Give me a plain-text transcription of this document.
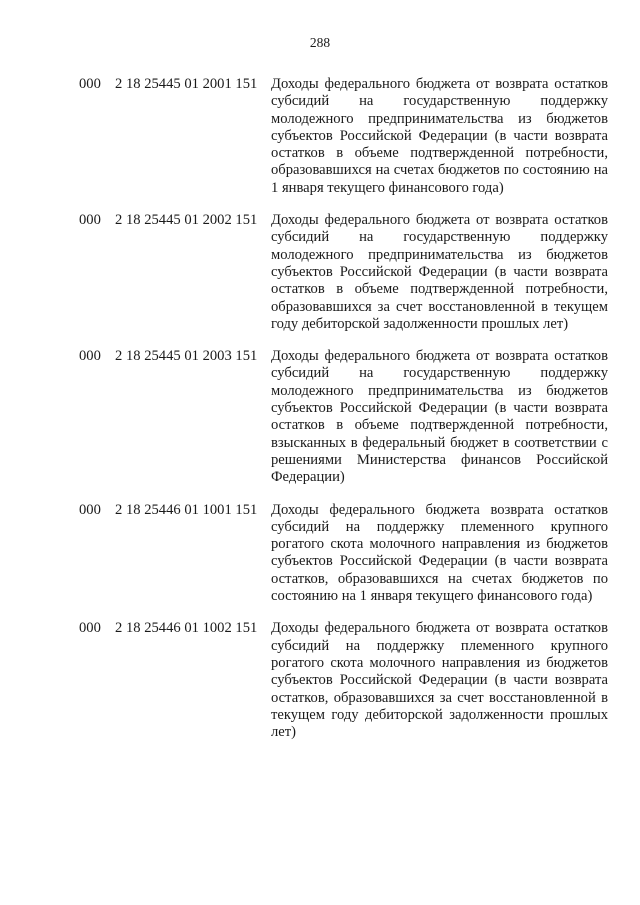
288
000 2 18 25445 01 2001 151 Доходы федерального бюджета от возврата остатков субсидий на государственную поддержку молодежного предпринимательства из бюджетов субъектов Российской Федерации (в части возврата остатков в объеме подтвержденной потребности, образовавшихся на счетах бюджетов по состоянию на 1 января текущего финансового года)
000 2 18 25445 01 2002 151 Доходы федерального бюджета от возврата остатков субсидий на государственную поддержку молодежного предпринимательства из бюджетов субъектов Российской Федерации (в части возврата остатков в объеме подтвержденной потребности, образовавшихся за счет восстановленной в текущем году дебиторской задолженности прошлых лет)
000 2 18 25445 01 2003 151 Доходы федерального бюджета от возврата остатков субсидий на государственную поддержку молодежного предпринимательства из бюджетов субъектов Российской Федерации (в части возврата остатков в объеме подтвержденной потребности, взысканных в федеральный бюджет в соответствии с решениями Министерства финансов Российской Федерации)
000 2 18 25446 01 1001 151 Доходы федерального бюджета возврата остатков субсидий на поддержку племенного крупного рогатого скота молочного направления из бюджетов субъектов Российской Федерации (в части возврата остатков, образовавшихся на счетах бюджетов по состоянию на 1 января текущего финансового года)
000 2 18 25446 01 1002 151 Доходы федерального бюджета от возврата остатков субсидий на поддержку племенного крупного рогатого скота молочного направления из бюджетов субъектов Российской Федерации (в части возврата остатков, образовавшихся за счет восстановленной в текущем году дебиторской задолженности прошлых лет)
